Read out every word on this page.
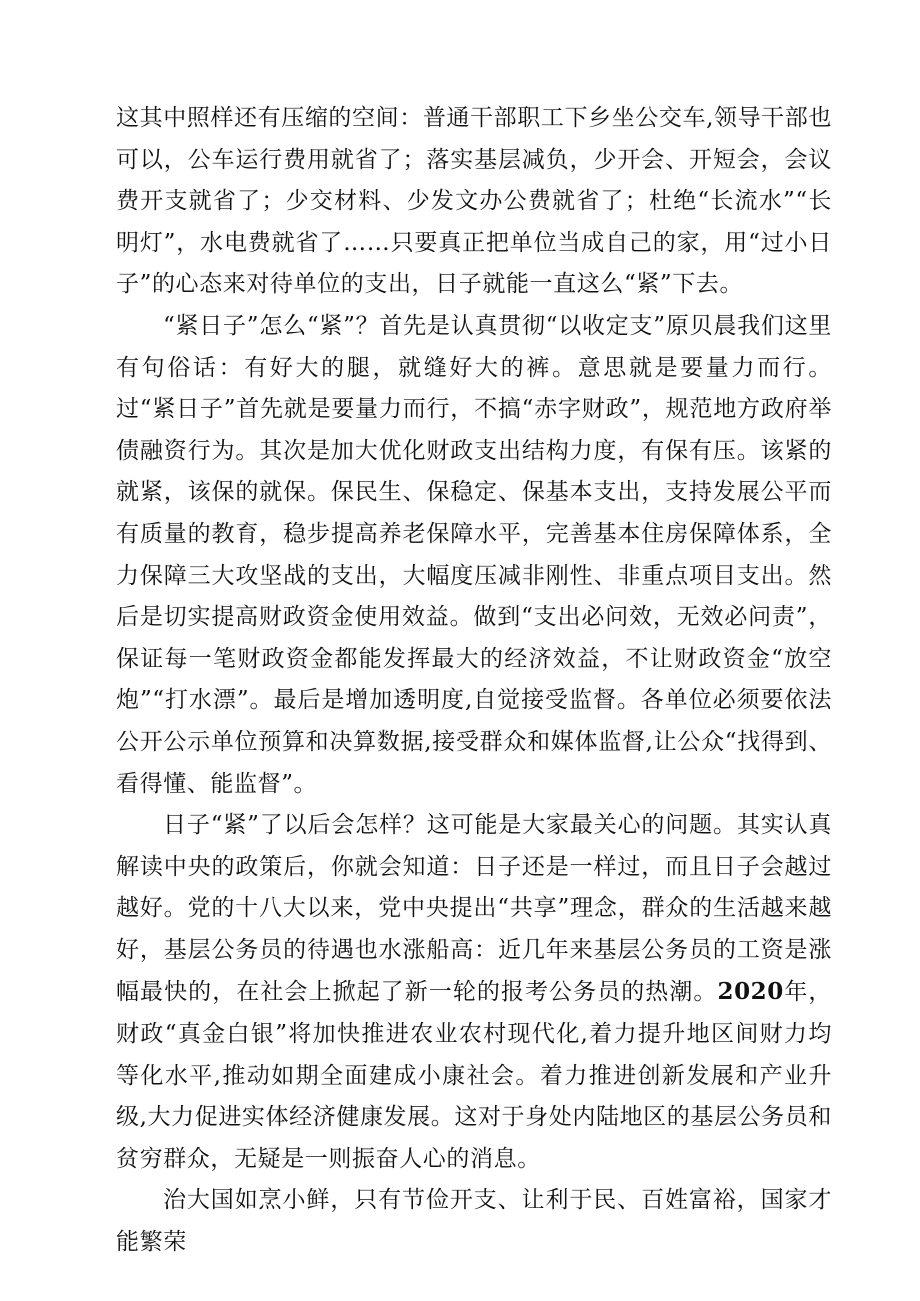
这其中照样还有压缩的空间：普通干部职工下乡坐公交车,领导干部也可以，公车运行费用就省了；落实基层减负，少开会、开短会，会议费开支就省了；少交材料、少发文办公费就省了；杜绝“长流水”“长明灯”，水电费就省了……只要真正把单位当成自己的家，用“过小日子”的心态来对待单位的支出，日子就能一直这么“紧”下去。

“紧日子”怎么“紧”？首先是认真贯彻“以收定支”原贝晨我们这里有句俗话：有好大的腿，就缝好大的裤。意思就是要量力而行。过“紧日子”首先就是要量力而行，不搞“赤字财政”，规范地方政府举债融资行为。其次是加大优化财政支出结构力度，有保有压。该紧的就紧，该保的就保。保民生、保稳定、保基本支出，支持发展公平而有质量的教育，稳步提高养老保障水平，完善基本住房保障体系，全力保障三大攻坚战的支出，大幅度压减非刚性、非重点项目支出。然后是切实提高财政资金使用效益。做到“支出必问效，无效必问责”，保证每一笔财政资金都能发挥最大的经济效益，不让财政资金“放空炮”“打水漂”。最后是增加透明度,自觉接受监督。各单位必须要依法公开公示单位预算和决算数据,接受群众和媒体监督,让公众“找得到、看得懂、能监督”。

日子“紧”了以后会怎样？这可能是大家最关心的问题。其实认真解读中央的政策后，你就会知道：日子还是一样过，而且日子会越过越好。党的十八大以来，党中央提出“共享”理念，群众的生活越来越好，基层公务员的待遇也水涨船高：近几年来基层公务员的工资是涨幅最快的，在社会上掀起了新一轮的报考公务员的热潮。2020年，财政“真金白银”将加快推进农业农村现代化,着力提升地区间财力均等化水平,推动如期全面建成小康社会。着力推进创新发展和产业升级,大力促进实体经济健康发展。这对于身处内陆地区的基层公务员和贫穷群众，无疑是一则振奋人心的消息。

治大国如烹小鲜，只有节俭开支、让利于民、百姓富裕，国家才能繁荣
